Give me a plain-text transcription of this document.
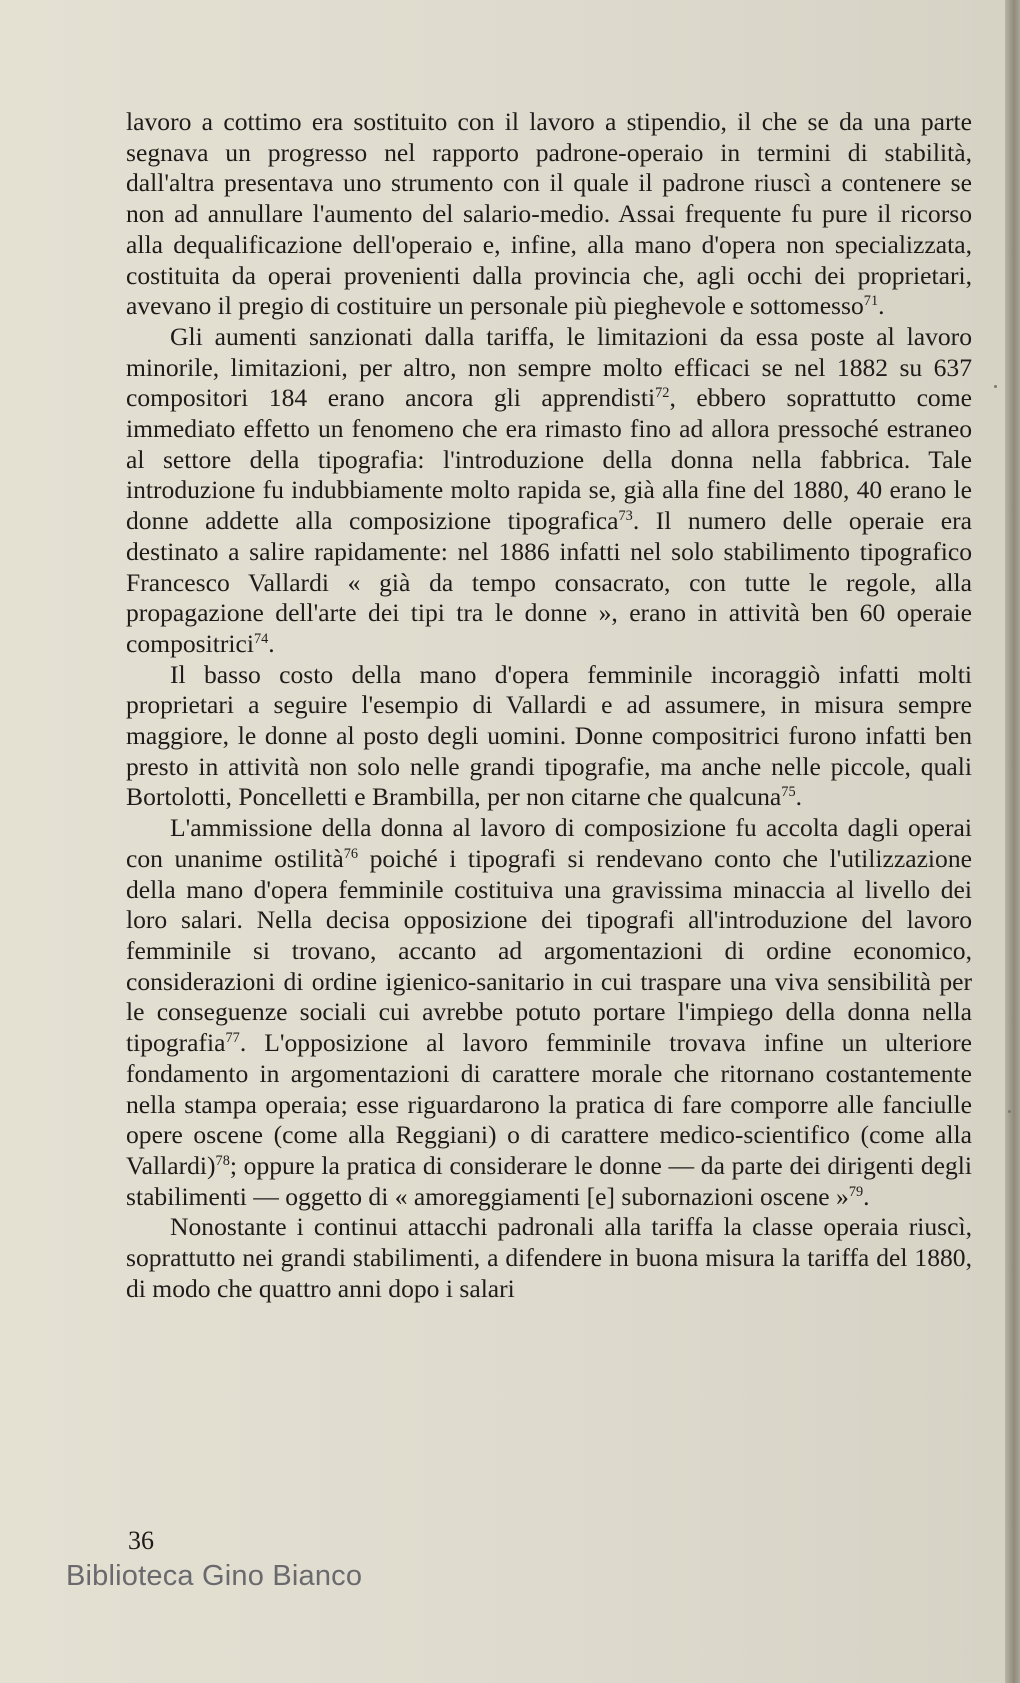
lavoro a cottimo era sostituito con il lavoro a stipendio, il che se da una parte segnava un progresso nel rapporto padrone-operaio in termini di stabilità, dall'altra presentava uno strumento con il quale il padrone riuscì a contenere se non ad annullare l'aumento del salario-medio. Assai frequente fu pure il ricorso alla dequalificazione dell'operaio e, infine, alla mano d'opera non specializzata, costituita da operai provenienti dalla provincia che, agli occhi dei proprietari, avevano il pregio di costituire un personale più pieghevole e sottomesso$^{71}$.

Gli aumenti sanzionati dalla tariffa, le limitazioni da essa poste al lavoro minorile, limitazioni, per altro, non sempre molto efficaci se nel 1882 su 637 compositori 184 erano ancora gli apprendisti$^{72}$, ebbero soprattutto come immediato effetto un fenomeno che era rimasto fino ad allora pressoché estraneo al settore della tipografia: l'introduzione della donna nella fabbrica. Tale introduzione fu indubbiamente molto rapida se, già alla fine del 1880, 40 erano le donne addette alla composizione tipografica$^{73}$. Il numero delle operaie era destinato a salire rapidamente: nel 1886 infatti nel solo stabilimento tipografico Francesco Vallardi « già da tempo consacrato, con tutte le regole, alla propagazione dell'arte dei tipi tra le donne », erano in attività ben 60 operaie compositrici$^{74}$.

Il basso costo della mano d'opera femminile incoraggiò infatti molti proprietari a seguire l'esempio di Vallardi e ad assumere, in misura sempre maggiore, le donne al posto degli uomini. Donne compositrici furono infatti ben presto in attività non solo nelle grandi tipografie, ma anche nelle piccole, quali Bortolotti, Poncelletti e Brambilla, per non citarne che qualcuna$^{75}$.

L'ammissione della donna al lavoro di composizione fu accolta dagli operai con unanime ostilità$^{76}$ poiché i tipografi si rendevano conto che l'utilizzazione della mano d'opera femminile costituiva una gravissima minaccia al livello dei loro salari. Nella decisa opposizione dei tipografi all'introduzione del lavoro femminile si trovano, accanto ad argomentazioni di ordine economico, considerazioni di ordine igienico-sanitario in cui traspare una viva sensibilità per le conseguenze sociali cui avrebbe potuto portare l'impiego della donna nella tipografia$^{77}$. L'opposizione al lavoro femminile trovava infine un ulteriore fondamento in argomentazioni di carattere morale che ritornano costantemente nella stampa operaia; esse riguardarono la pratica di fare comporre alle fanciulle opere oscene (come alla Reggiani) o di carattere medico-scientifico (come alla Vallardi)$^{78}$; oppure la pratica di considerare le donne — da parte dei dirigenti degli stabilimenti — oggetto di « amoreggiamenti [e] subornazioni oscene »$^{79}$.

Nonostante i continui attacchi padronali alla tariffa la classe operaia riuscì, soprattutto nei grandi stabilimenti, a difendere in buona misura la tariffa del 1880, di modo che quattro anni dopo i salari

36
Biblioteca Gino Bianco
